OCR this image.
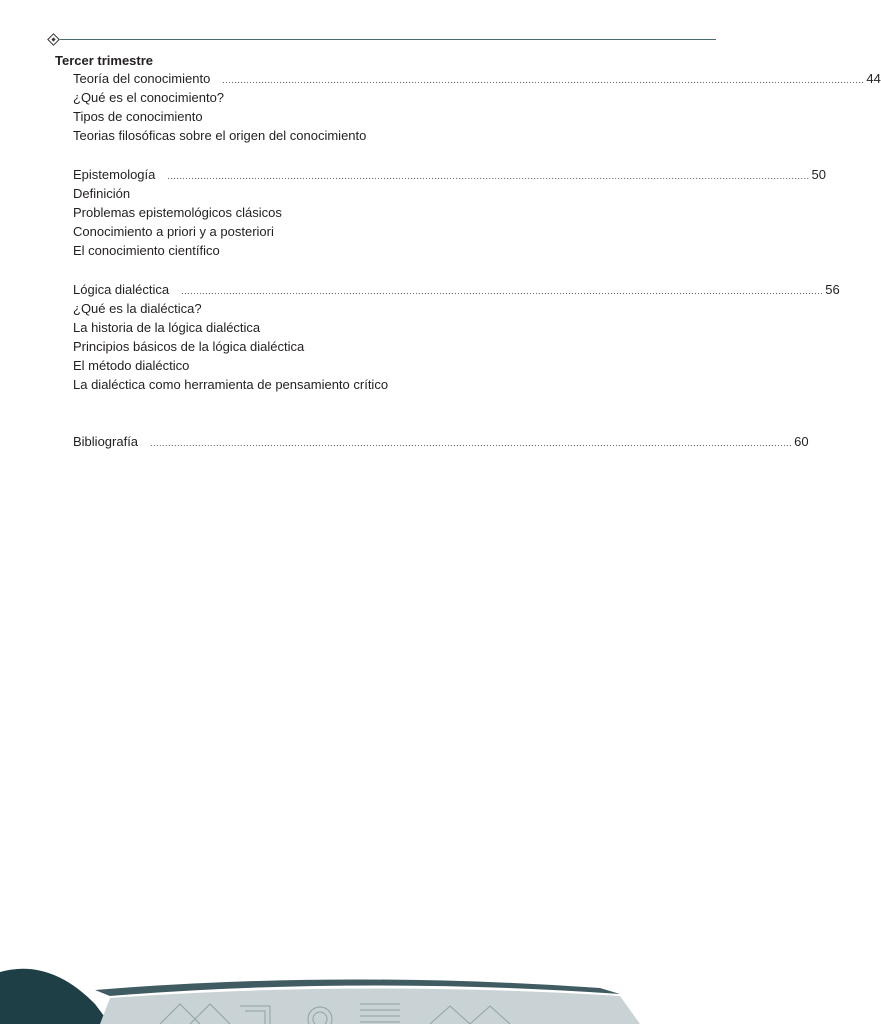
Tercer trimestre
Teoría del conocimiento ...................................................................................................................................................................................................................... 44
¿Qué es el conocimiento?
Tipos de conocimiento
Teorias filosóficas sobre el origen del conocimiento
Epistemología ...................................................................................................................................................................................................................... 50
Definición
Problemas epistemológicos clásicos
Conocimiento a priori y a posteriori
El conocimiento científico
Lógica dialéctica ...................................................................................................................................................................................................................... 56
¿Qué es la dialéctica?
La historia de la lógica dialéctica
Principios básicos de la lógica dialéctica
El método dialéctico
La dialéctica como herramienta de pensamiento crítico
Bibliografía ...................................................................................................................................................................................................................... 60
